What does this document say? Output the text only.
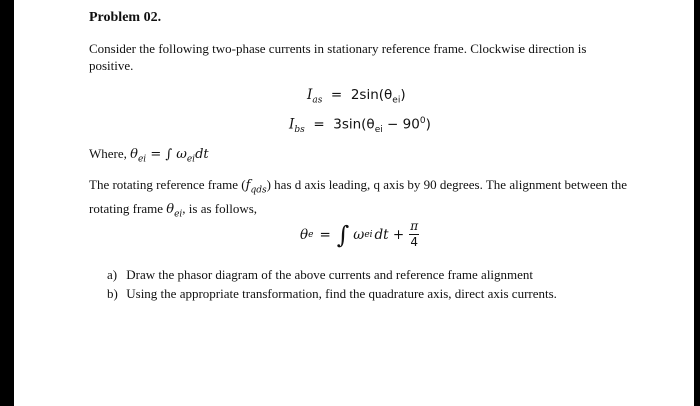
Problem 02.
Consider the following two-phase currents in stationary reference frame. Clockwise direction is positive.
$I_{as} = 2\sin(\theta_{ei})$
$I_{bs} = 3\sin(\theta_{ei} - 90^0)$
Where, $\theta_{ei}$ = ∫ $\omega_{ei}dt$
The rotating reference frame $(f_{qds})$ has d axis leading, q axis by 90 degrees. The alignment between the rotating frame $\theta_{ei}$, is as follows,
θ e = ∫ ω ei dt + $\frac{\pi}{4}$
a) Draw the phasor diagram of the above currents and reference frame alignment
b) Using the appropriate transformation, find the quadrature axis, direct axis currents.
